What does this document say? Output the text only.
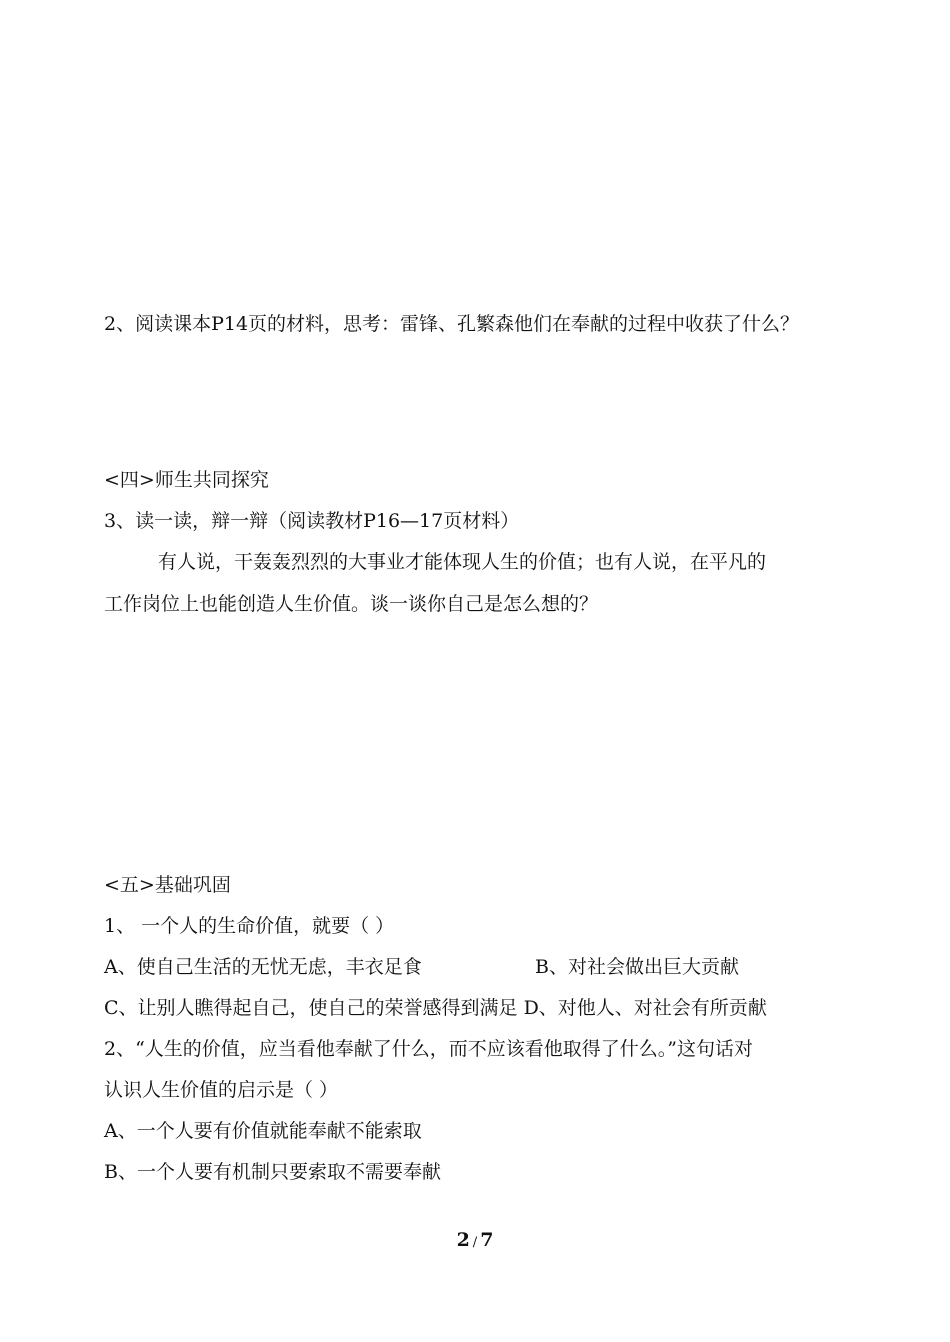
2、阅读课本P14页的材料，思考：雷锋、孔繁森他们在奉献的过程中收获了什么？
<四>师生共同探究
3、读一读，辩一辩（阅读教材P16—17页材料）
有人说，干轰轰烈烈的大事业才能体现人生的价值；也有人说，在平凡的
工作岗位上也能创造人生价值。谈一谈你自己是怎么想的？
<五>基础巩固
1、 一个人的生命价值，就要（ ）
A、使自己生活的无忧无虑，丰衣足食	B、对社会做出巨大贡献
C、让别人瞧得起自己，使自己的荣誉感得到满足 D、对他人、对社会有所贡献
2、“人生的价值，应当看他奉献了什么，而不应该看他取得了什么。”这句话对
认识人生价值的启示是（ ）
A、一个人要有价值就能奉献不能索取
B、一个人要有机制只要索取不需要奉献
2 / 7
